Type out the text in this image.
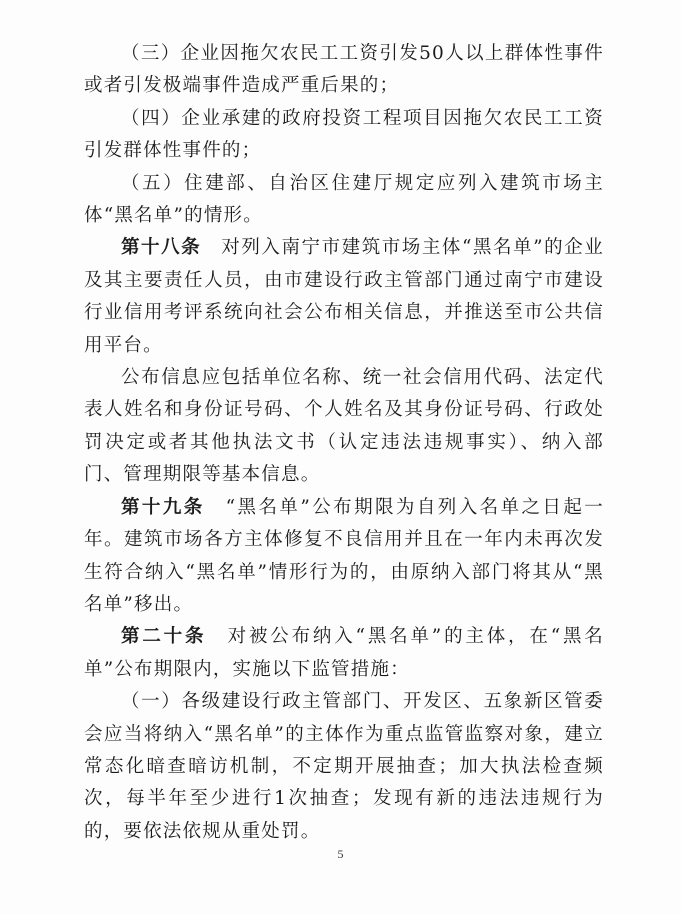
（三）企业因拖欠农民工工资引发50人以上群体性事件或者引发极端事件造成严重后果的；

（四）企业承建的政府投资工程项目因拖欠农民工工资引发群体性事件的；

（五）住建部、自治区住建厅规定应列入建筑市场主体“黑名单”的情形。

第十八条　对列入南宁市建筑市场主体“黑名单”的企业及其主要责任人员，由市建设行政主管部门通过南宁市建设行业信用考评系统向社会公布相关信息，并推送至市公共信用平台。

公布信息应包括单位名称、统一社会信用代码、法定代表人姓名和身份证号码、个人姓名及其身份证号码、行政处罚决定或者其他执法文书（认定违法违规事实）、纳入部门、管理期限等基本信息。

第十九条　“黑名单”公布期限为自列入名单之日起一年。建筑市场各方主体修复不良信用并且在一年内未再次发生符合纳入“黑名单”情形行为的，由原纳入部门将其从“黑名单”移出。

第二十条　对被公布纳入“黑名单”的主体，在“黑名单”公布期限内，实施以下监管措施：

（一）各级建设行政主管部门、开发区、五象新区管委会应当将纳入“黑名单”的主体作为重点监管监察对象，建立常态化暗查暗访机制，不定期开展抽查；加大执法检查频次，每半年至少进行1次抽查；发现有新的违法违规行为的，要依法依规从重处罚。

5
